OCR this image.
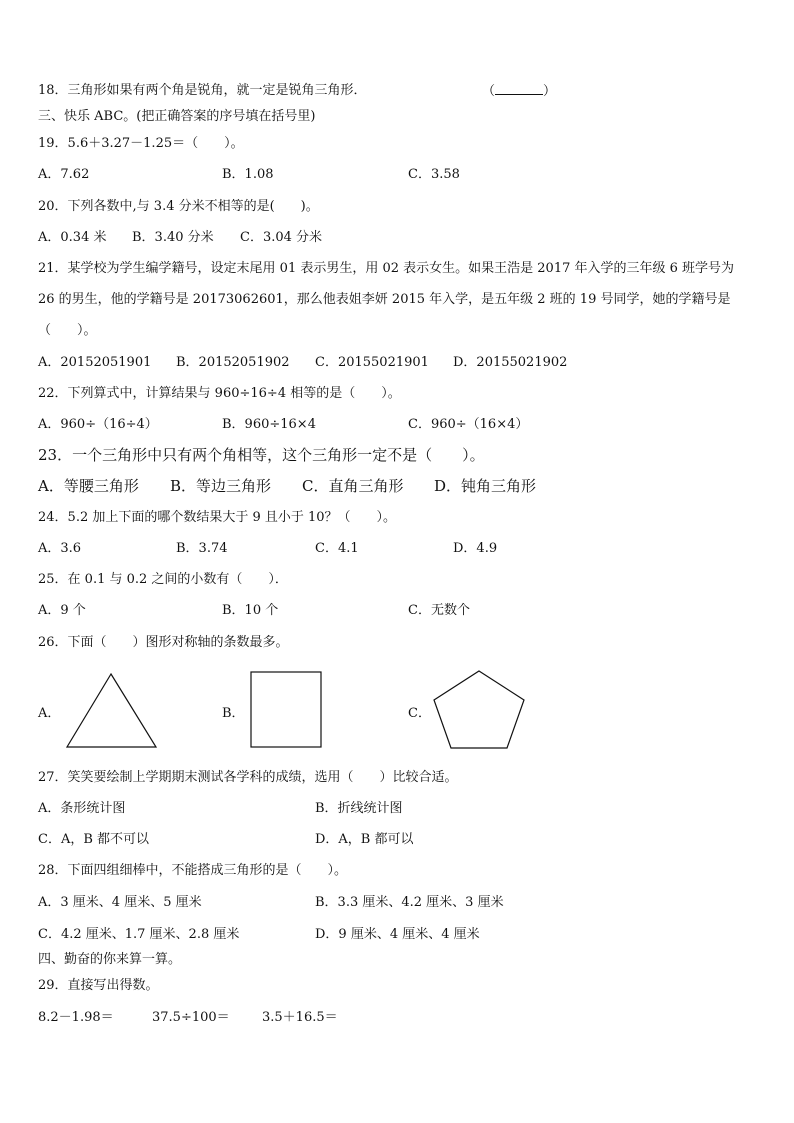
18．三角形如果有两个角是锐角，就一定是锐角三角形．	（	）
三、快乐 ABC。(把正确答案的序号填在括号里)
19．5.6＋3.27－1.25＝（　　）。
A．7.62	B．1.08	C．3.58
20．下列各数中,与 3.4 分米不相等的是(　　)。
A．0.34 米 B．3.40 分米 C．3.04 分米
21．某学校为学生编学籍号，设定末尾用 01 表示男生，用 02 表示女生。如果王浩是 2017 年入学的三年级 6 班学号为
26 的男生，他的学籍号是 20173062601，那么他表姐李妍 2015 年入学，是五年级 2 班的 19 号同学，她的学籍号是
（　　）。
A．20152051901 B．20152051902 C．20155021901 D．20155021902
22．下列算式中，计算结果与 960÷16÷4 相等的是（　　）。
A．960÷（16÷4）	B．960÷16×4	C．960÷（16×4）
23．一个三角形中只有两个角相等，这个三角形一定不是（　　）。
A．等腰三角形 B．等边三角形 C．直角三角形 D．钝角三角形
24．5.2 加上下面的哪个数结果大于 9 且小于 10？（　　）。
A．3.6	B．3.74	C．4.1	D．4.9
25．在 0.1 与 0.2 之间的小数有（　　）．
A．9 个	B．10 个	C．无数个
26．下面（　　）图形对称轴的条数最多。
A．	B．	C．
27．笑笑要绘制上学期期末测试各学科的成绩，选用（　　）比较合适。
A．条形统计图	B．折线统计图
C．A，B 都不可以	D．A，B 都可以
28．下面四组细棒中，不能搭成三角形的是（　　）。
A．3 厘米、4 厘米、5 厘米	B．3.3 厘米、4.2 厘米、3 厘米
C．4.2 厘米、1.7 厘米、2.8 厘米	D．9 厘米、4 厘米、4 厘米
四、勤奋的你来算一算。
29．直接写出得数。
8.2－1.98＝	37.5÷100＝ 3.5＋16.5＝
